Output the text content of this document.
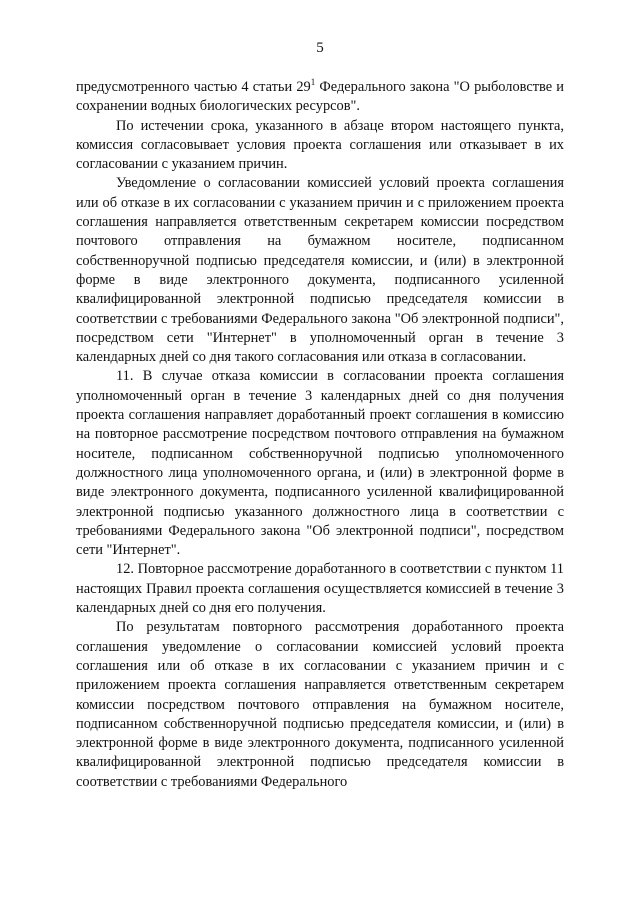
5

предусмотренного частью 4 статьи $29^1$ Федерального закона "О рыболовстве и сохранении водных биологических ресурсов".

По истечении срока, указанного в абзаце втором настоящего пункта, комиссия согласовывает условия проекта соглашения или отказывает в их согласовании с указанием причин.

Уведомление о согласовании комиссией условий проекта соглашения или об отказе в их согласовании с указанием причин и с приложением проекта соглашения направляется ответственным секретарем комиссии посредством почтового отправления на бумажном носителе, подписанном собственноручной подписью председателя комиссии, и (или) в электронной форме в виде электронного документа, подписанного усиленной квалифицированной электронной подписью председателя комиссии в соответствии с требованиями Федерального закона "Об электронной подписи", посредством сети "Интернет" в уполномоченный орган в течение 3 календарных дней со дня такого согласования или отказа в согласовании.

11. В случае отказа комиссии в согласовании проекта соглашения уполномоченный орган в течение 3 календарных дней со дня получения проекта соглашения направляет доработанный проект соглашения в комиссию на повторное рассмотрение посредством почтового отправления на бумажном носителе, подписанном собственноручной подписью уполномоченного должностного лица уполномоченного органа, и (или) в электронной форме в виде электронного документа, подписанного усиленной квалифицированной электронной подписью указанного должностного лица в соответствии с требованиями Федерального закона "Об электронной подписи", посредством сети "Интернет".

12. Повторное рассмотрение доработанного в соответствии с пунктом 11 настоящих Правил проекта соглашения осуществляется комиссией в течение 3 календарных дней со дня его получения.

По результатам повторного рассмотрения доработанного проекта соглашения уведомление о согласовании комиссией условий проекта соглашения или об отказе в их согласовании с указанием причин и с приложением проекта соглашения направляется ответственным секретарем комиссии посредством почтового отправления на бумажном носителе, подписанном собственноручной подписью председателя комиссии, и (или) в электронной форме в виде электронного документа, подписанного усиленной квалифицированной электронной подписью председателя комиссии в соответствии с требованиями Федерального
